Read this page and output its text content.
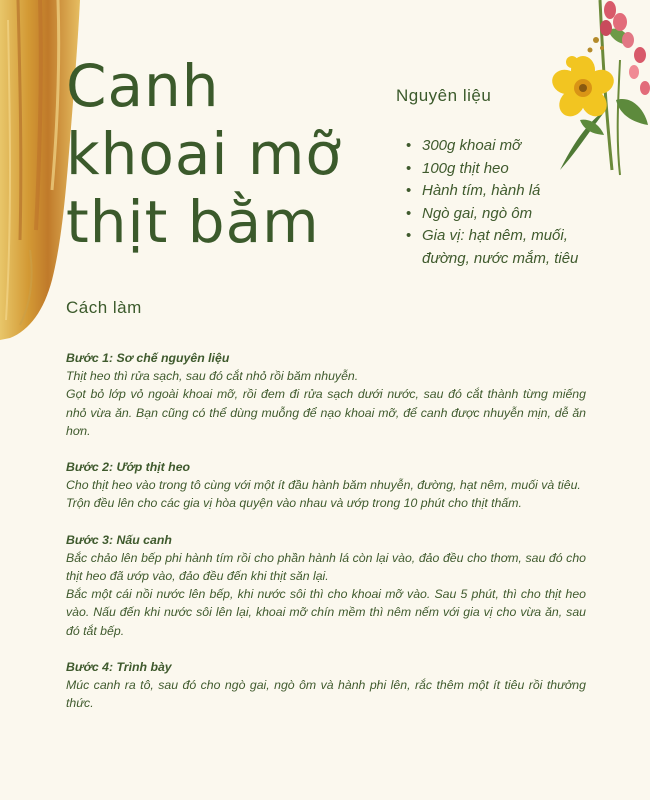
Canh
khoai mỡ
thịt bằm
Nguyên liệu
• 300g khoai mỡ
• 100g thịt heo
• Hành tím, hành lá
• Ngò gai, ngò ôm
• Gia vị: hạt nêm, muối, đường, nước mắm, tiêu
Cách làm
Bước 1: Sơ chế nguyên liệu

Thịt heo thì rửa sạch, sau đó cắt nhỏ rồi băm nhuyễn.

Gọt bỏ lớp vỏ ngoài khoai mỡ, rồi đem đi rửa sạch dưới nước, sau đó cắt thành từng miếng nhỏ vừa ăn. Bạn cũng có thể dùng muỗng để nạo khoai mỡ, để canh được nhuyễn mịn, dễ ăn hơn.

Bước 2: Ướp thịt heo

Cho thịt heo vào trong tô cùng với một ít đầu hành băm nhuyễn, đường, hạt nêm, muối và tiêu.

Trộn đều lên cho các gia vị hòa quyện vào nhau và ướp trong 10 phút cho thịt thấm.

Bước 3: Nấu canh

Bắc chảo lên bếp phi hành tím rồi cho phần hành lá còn lại vào, đảo đều cho thơm, sau đó cho thịt heo đã ướp vào, đảo đều đến khi thịt săn lại.

Bắc một cái nồi nước lên bếp, khi nước sôi thì cho khoai mỡ vào. Sau 5 phút, thì cho thịt heo vào. Nấu đến khi nước sôi lên lại, khoai mỡ chín mềm thì nêm nếm với gia vị cho vừa ăn, sau đó tắt bếp.

Bước 4: Trình bày

Múc canh ra tô, sau đó cho ngò gai, ngò ôm và hành phi lên, rắc thêm một ít tiêu rồi thưởng thức.
